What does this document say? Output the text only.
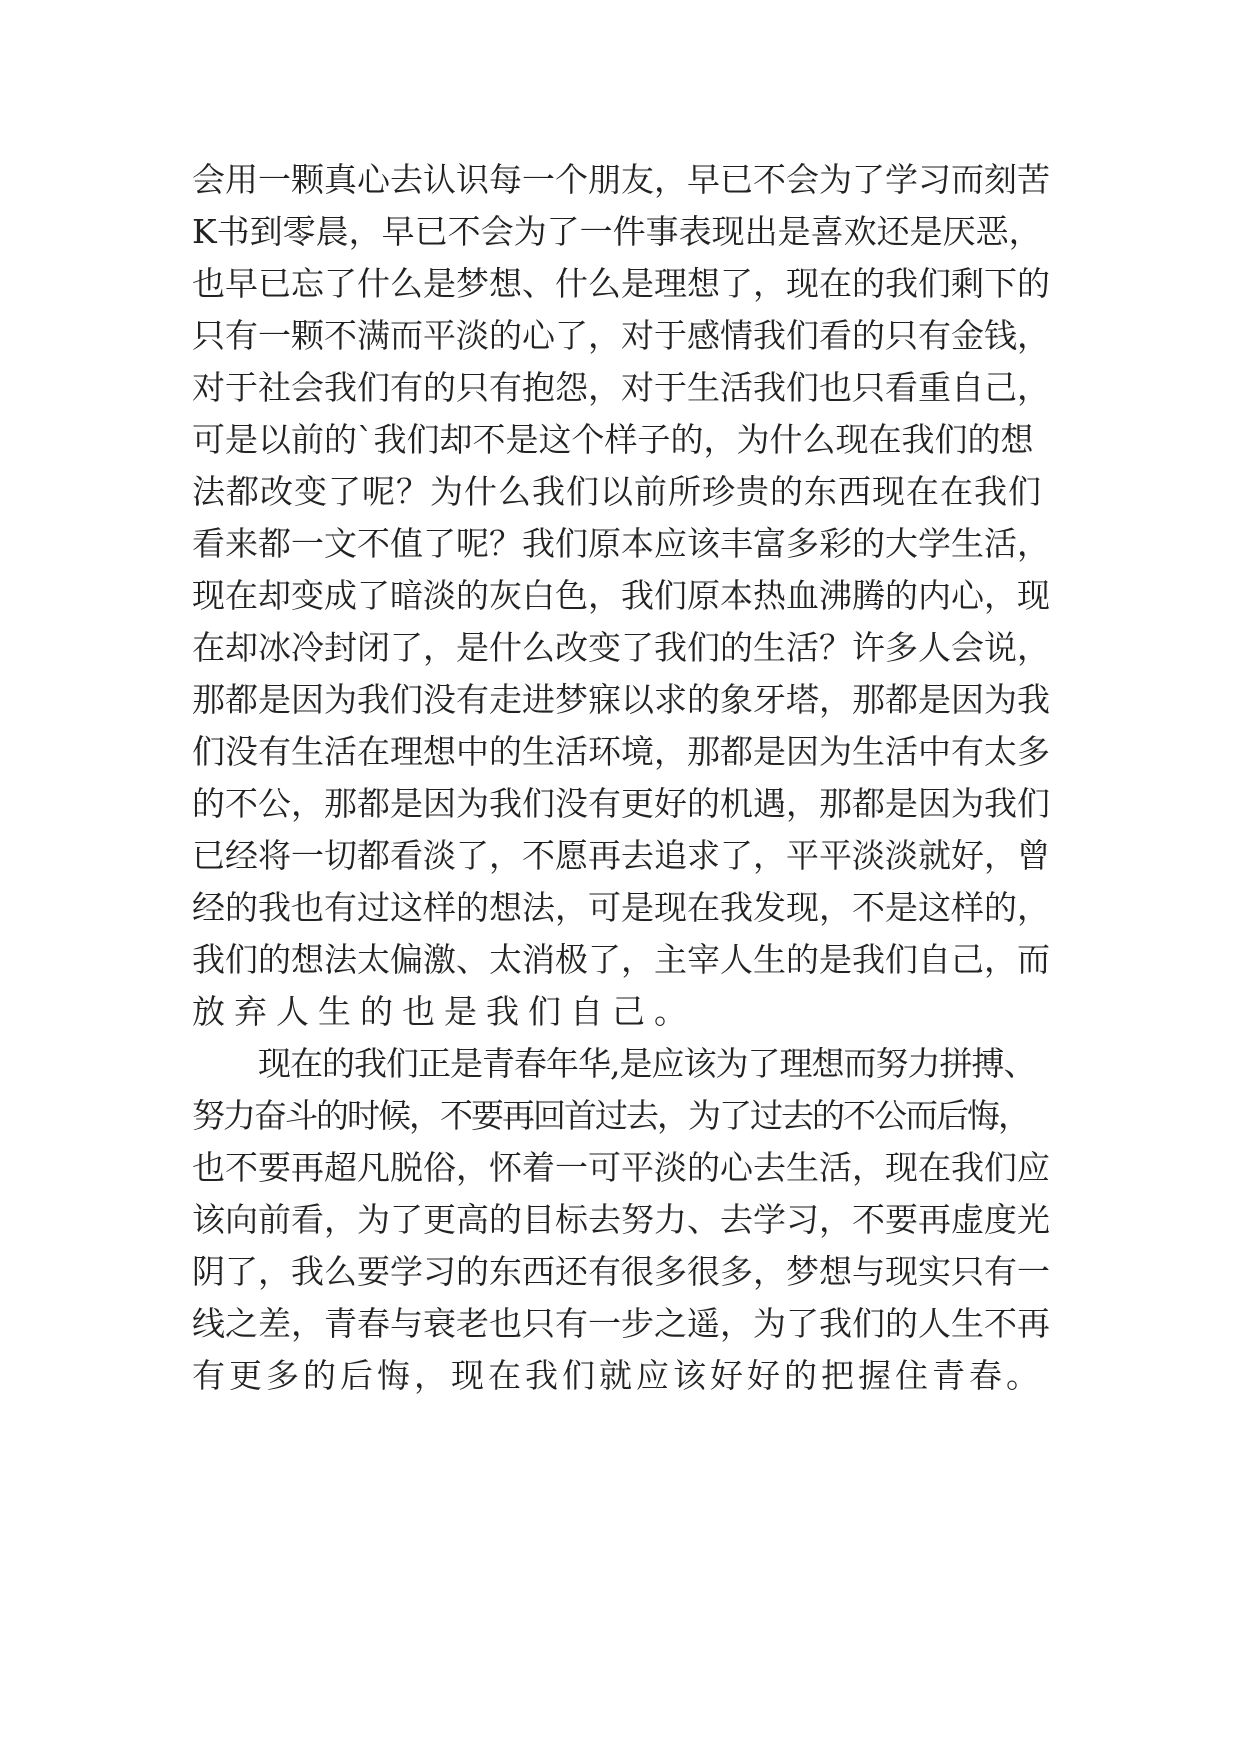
会用一颗真心去认识每一个朋友，早已不会为了学习而刻苦
K书到零晨，早已不会为了一件事表现出是喜欢还是厌恶，
也早已忘了什么是梦想、什么是理想了，现在的我们剩下的
只有一颗不满而平淡的心了，对于感情我们看的只有金钱，
对于社会我们有的只有抱怨，对于生活我们也只看重自己，
可是以前的`我们却不是这个样子的，为什么现在我们的想
法都改变了呢？为什么我们以前所珍贵的东西现在在我们
看来都一文不值了呢？我们原本应该丰富多彩的大学生活，
现在却变成了暗淡的灰白色，我们原本热血沸腾的内心，现
在却冰冷封闭了，是什么改变了我们的生活？许多人会说，
那都是因为我们没有走进梦寐以求的象牙塔，那都是因为我
们没有生活在理想中的生活环境，那都是因为生活中有太多
的不公，那都是因为我们没有更好的机遇，那都是因为我们
已经将一切都看淡了，不愿再去追求了，平平淡淡就好，曾
经的我也有过这样的想法，可是现在我发现，不是这样的，
我们的想法太偏激、太消极了，主宰人生的是我们自己，而
放弃人生的也是我们自己。
现在的我们正是青春年华,是应该为了理想而努力拼搏、
努力奋斗的时候，不要再回首过去，为了过去的不公而后悔，
也不要再超凡脱俗，怀着一可平淡的心去生活，现在我们应
该向前看，为了更高的目标去努力、去学习，不要再虚度光
阴了，我么要学习的东西还有很多很多，梦想与现实只有一
线之差，青春与衰老也只有一步之遥，为了我们的人生不再
有更多的后悔，现在我们就应该好好的把握住青春。
